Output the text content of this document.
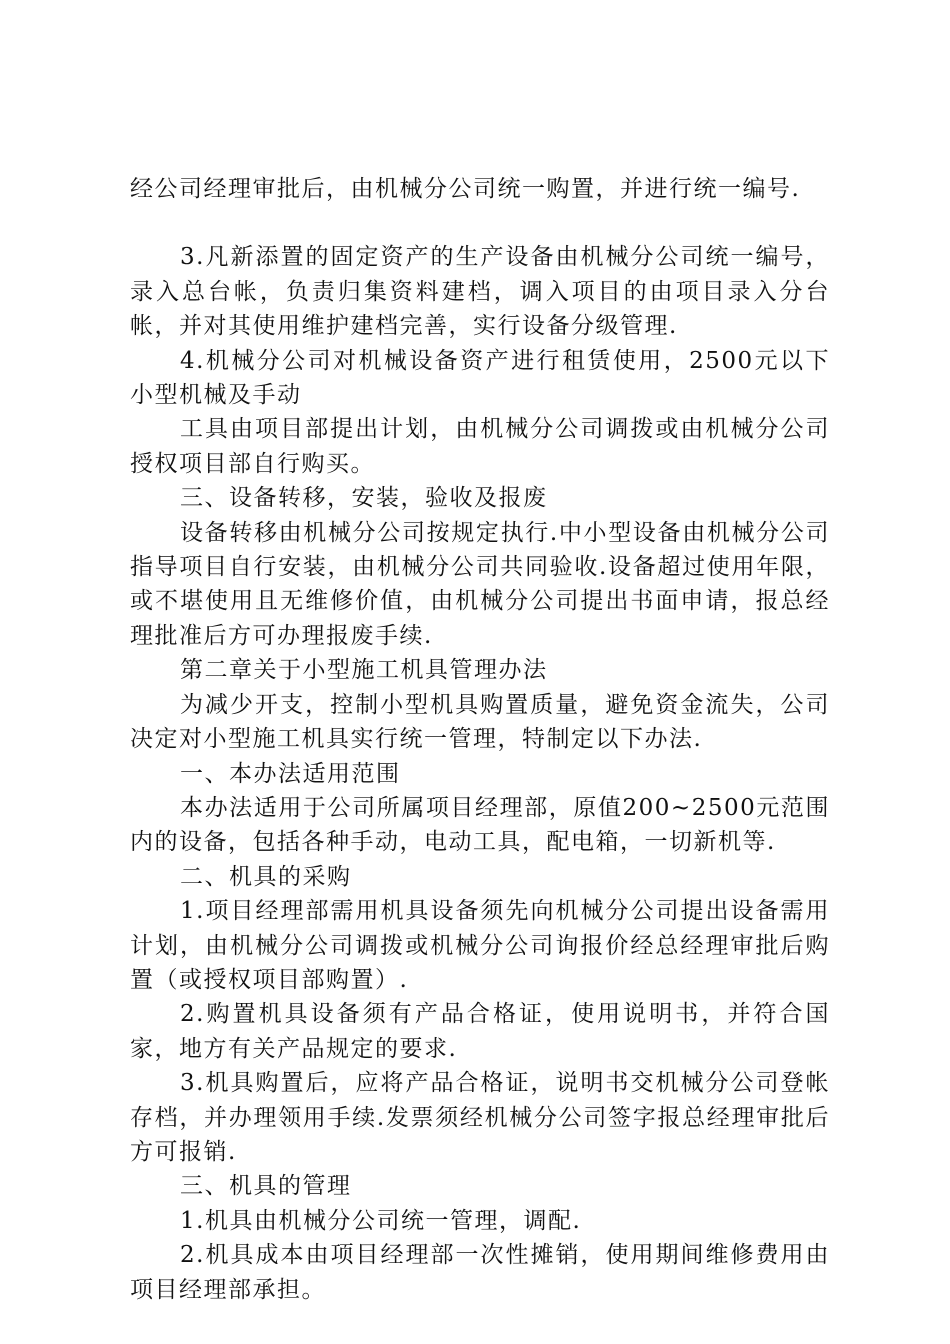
经公司经理审批后，由机械分公司统一购置，并进行统一编号.

3.凡新添置的固定资产的生产设备由机械分公司统一编号，录入总台帐，负责归集资料建档，调入项目的由项目录入分台帐，并对其使用维护建档完善，实行设备分级管理.

4.机械分公司对机械设备资产进行租赁使用，2500元以下小型机械及手动

工具由项目部提出计划，由机械分公司调拨或由机械分公司授权项目部自行购买。

三、设备转移，安装，验收及报废

设备转移由机械分公司按规定执行.中小型设备由机械分公司指导项目自行安装，由机械分公司共同验收.设备超过使用年限，或不堪使用且无维修价值，由机械分公司提出书面申请，报总经理批准后方可办理报废手续.

第二章关于小型施工机具管理办法

为减少开支，控制小型机具购置质量，避免资金流失，公司决定对小型施工机具实行统一管理，特制定以下办法.

一、本办法适用范围

本办法适用于公司所属项目经理部，原值200~2500元范围内的设备，包括各种手动，电动工具，配电箱，一切新机等.

二、机具的采购

1.项目经理部需用机具设备须先向机械分公司提出设备需用计划，由机械分公司调拨或机械分公司询报价经总经理审批后购置（或授权项目部购置）.

2.购置机具设备须有产品合格证，使用说明书，并符合国家，地方有关产品规定的要求.

3.机具购置后，应将产品合格证，说明书交机械分公司登帐存档，并办理领用手续.发票须经机械分公司签字报总经理审批后方可报销.

三、机具的管理

1.机具由机械分公司统一管理，调配.

2.机具成本由项目经理部一次性摊销，使用期间维修费用由项目经理部承担。
